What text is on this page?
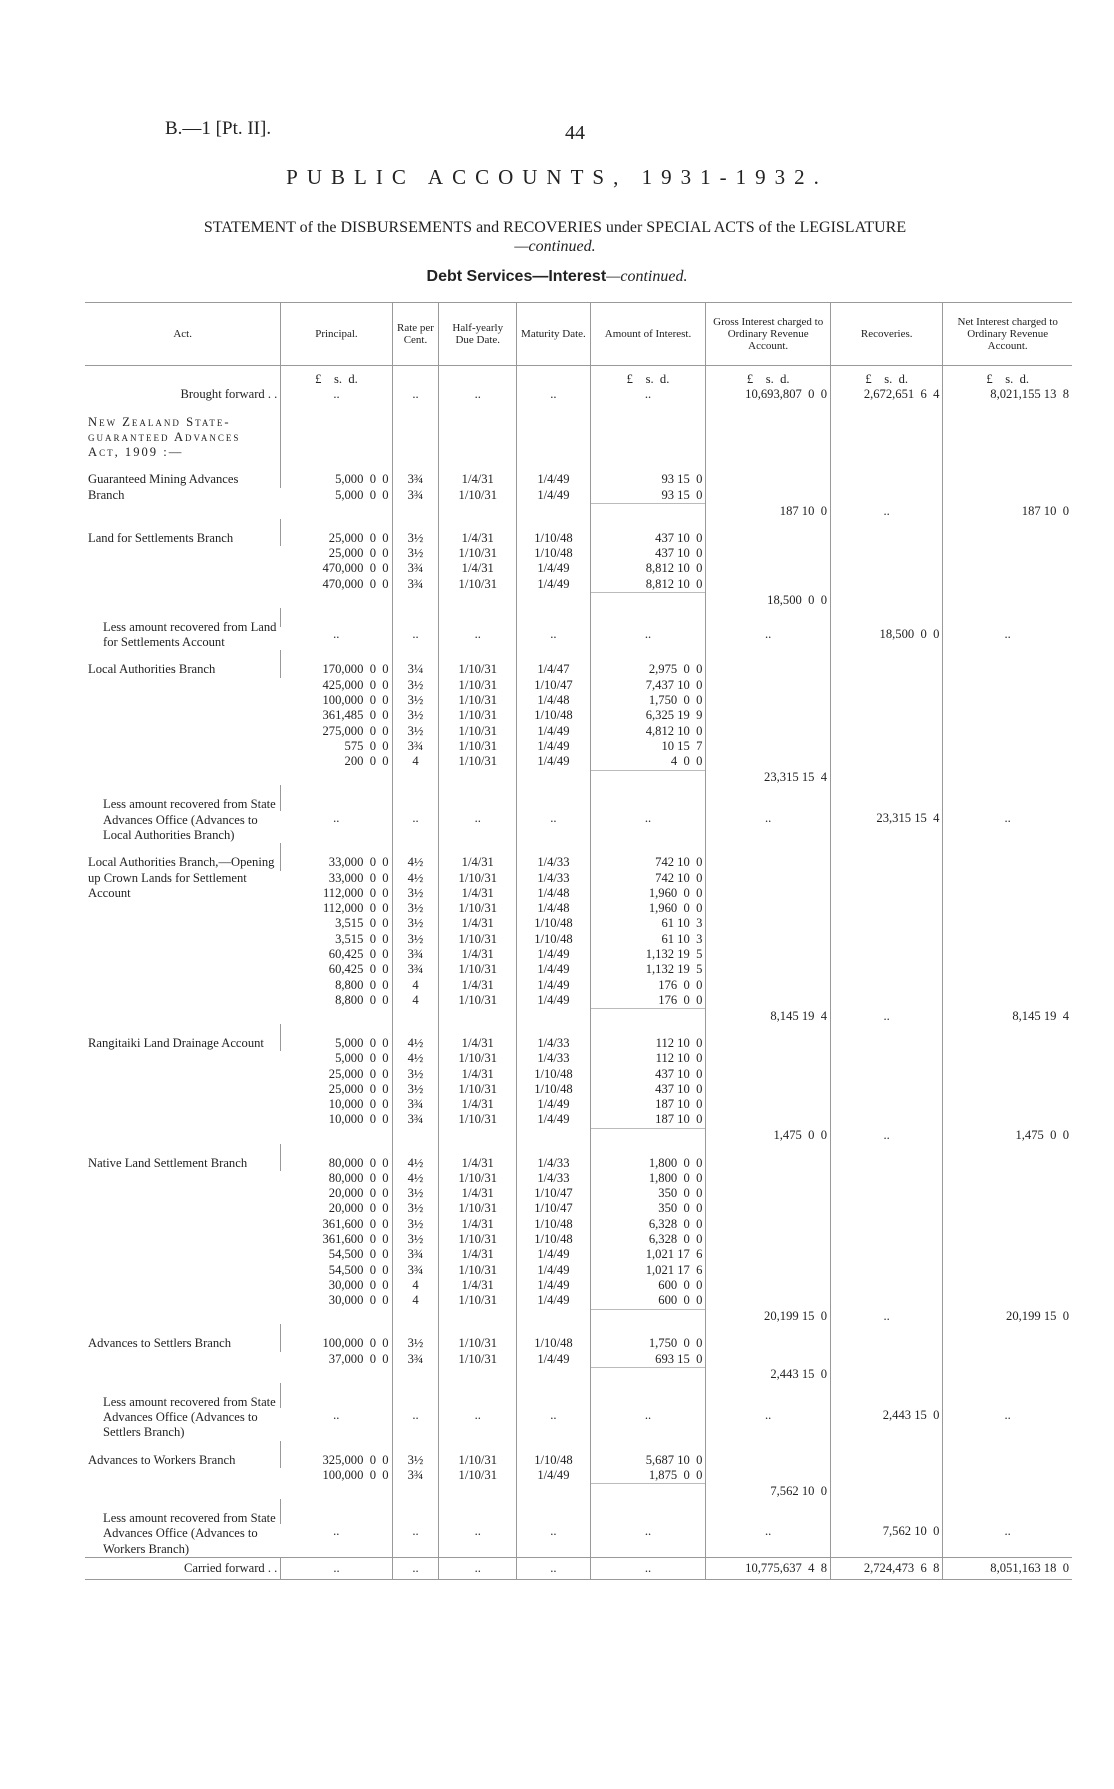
B.—1 [Pt. II].	44
PUBLIC ACCOUNTS, 1931-1932.
STATEMENT of the DISBURSEMENTS and RECOVERIES under SPECIAL ACTS of the LEGISLATURE
—continued.
Debt Services—Interest—continued.
Act.	Principal.	Rate per Cent.	Half-yearly Due Date.	Maturity Date.	Amount of Interest.	Gross Interest charged to Ordinary Revenue Account.	Recoveries.	Net Interest charged to Ordinary Revenue Account.
	£    s.  d.				£    s.  d.	£    s.  d.	£    s.  d.	£    s.  d.
Brought forward . .	..	..	..	..	..	10,693,807  0  0	2,672,651  6  4	8,021,155 13  8
New Zealand State-
guaranteed Advances
Act, 1909 :—								
Guaranteed Mining Advances Branch	5,000  0  0	3¾	1/4/31	1/4/49	93 15  0			
	5,000  0  0	3¾	1/10/31	1/4/49	93 15  0			
						187 10  0	..	187 10  0
Land for Settlements Branch	25,000  0  0	3½	1/4/31	1/10/48	437 10  0			
	25,000  0  0	3½	1/10/31	1/10/48	437 10  0			
	470,000  0  0	3¾	1/4/31	1/4/49	8,812 10  0			
	470,000  0  0	3¾	1/10/31	1/4/49	8,812 10  0			
						18,500  0  0		
Less amount recovered from Land for Settlements Account								
	..	..	..	..	..	..	18,500  0  0	..
Local Authorities Branch	170,000  0  0	3¼	1/10/31	1/4/47	2,975  0  0			
	425,000  0  0	3½	1/10/31	1/10/47	7,437 10  0			
	100,000  0  0	3½	1/10/31	1/4/48	1,750  0  0			
	361,485  0  0	3½	1/10/31	1/10/48	6,325 19  9			
	275,000  0  0	3½	1/10/31	1/4/49	4,812 10  0			
	575  0  0	3¾	1/10/31	1/4/49	10 15  7			
	200  0  0	4	1/10/31	1/4/49	4  0  0			
						23,315 15  4		
Less amount recovered from State Advances Office (Advances to Local Authorities Branch)								
	..	..	..	..	..	..	23,315 15  4	..
Local Authorities Branch,—Opening up Crown Lands for Settlement Account	33,000  0  0	4½	1/4/31	1/4/33	742 10  0			
	33,000  0  0	4½	1/10/31	1/4/33	742 10  0			
	112,000  0  0	3½	1/4/31	1/4/48	1,960  0  0			
	112,000  0  0	3½	1/10/31	1/4/48	1,960  0  0			
	3,515  0  0	3½	1/4/31	1/10/48	61 10  3			
	3,515  0  0	3½	1/10/31	1/10/48	61 10  3			
	60,425  0  0	3¾	1/4/31	1/4/49	1,132 19  5			
	60,425  0  0	3¾	1/10/31	1/4/49	1,132 19  5			
	8,800  0  0	4	1/4/31	1/4/49	176  0  0			
	8,800  0  0	4	1/10/31	1/4/49	176  0  0			
						8,145 19  4	..	8,145 19  4
Rangitaiki Land Drainage Account	5,000  0  0	4½	1/4/31	1/4/33	112 10  0			
	5,000  0  0	4½	1/10/31	1/4/33	112 10  0			
	25,000  0  0	3½	1/4/31	1/10/48	437 10  0			
	25,000  0  0	3½	1/10/31	1/10/48	437 10  0			
	10,000  0  0	3¾	1/4/31	1/4/49	187 10  0			
	10,000  0  0	3¾	1/10/31	1/4/49	187 10  0			
						1,475  0  0	..	1,475  0  0
Native Land Settlement Branch	80,000  0  0	4½	1/4/31	1/4/33	1,800  0  0			
	80,000  0  0	4½	1/10/31	1/4/33	1,800  0  0			
	20,000  0  0	3½	1/4/31	1/10/47	350  0  0			
	20,000  0  0	3½	1/10/31	1/10/47	350  0  0			
	361,600  0  0	3½	1/4/31	1/10/48	6,328  0  0			
	361,600  0  0	3½	1/10/31	1/10/48	6,328  0  0			
	54,500  0  0	3¾	1/4/31	1/4/49	1,021 17  6			
	54,500  0  0	3¾	1/10/31	1/4/49	1,021 17  6			
	30,000  0  0	4	1/4/31	1/4/49	600  0  0			
	30,000  0  0	4	1/10/31	1/4/49	600  0  0			
						20,199 15  0	..	20,199 15  0
Advances to Settlers Branch	100,000  0  0	3½	1/10/31	1/10/48	1,750  0  0			
	37,000  0  0	3¾	1/10/31	1/4/49	693 15  0			
						2,443 15  0		
Less amount recovered from State Advances Office (Advances to Settlers Branch)								
	..	..	..	..	..	..	2,443 15  0	..
Advances to Workers Branch	325,000  0  0	3½	1/10/31	1/10/48	5,687 10  0			
	100,000  0  0	3¾	1/10/31	1/4/49	1,875  0  0			
						7,562 10  0		
Less amount recovered from State Advances Office (Advances to Workers Branch)								
	..	..	..	..	..	..	7,562 10  0	..
Carried forward . .	..	..	..	..	..	10,775,637  4  8	2,724,473  6  8	8,051,163 18  0
